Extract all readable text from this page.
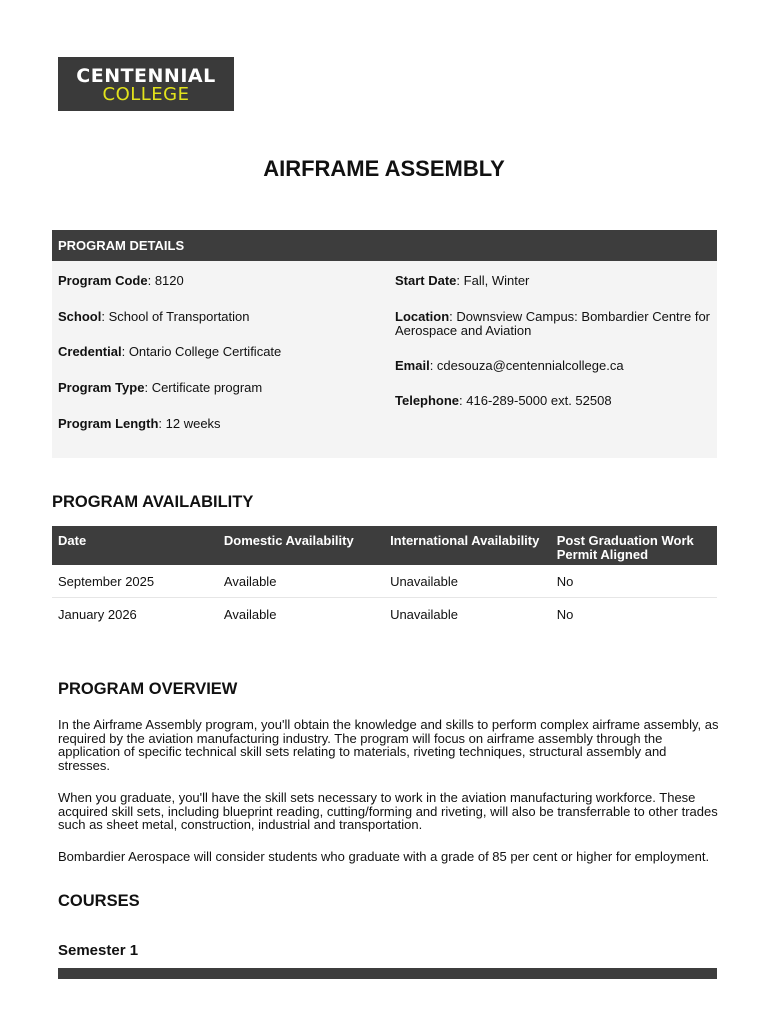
CENTENNIAL
COLLEGE
AIRFRAME ASSEMBLY
PROGRAM DETAILS
Program Code: 8120
School: School of Transportation
Credential: Ontario College Certificate
Program Type: Certificate program
Program Length: 12 weeks
Start Date: Fall, Winter
Location: Downsview Campus: Bombardier Centre for Aerospace and Aviation
Email: cdesouza@centennialcollege.ca
Telephone: 416-289-5000 ext. 52508
PROGRAM AVAILABILITY
Date	Domestic Availability	International Availability	Post Graduation Work Permit Aligned
September 2025	Available	Unavailable	No
January 2026	Available	Unavailable	No
PROGRAM OVERVIEW

In the Airframe Assembly program, you'll obtain the knowledge and skills to perform complex airframe assembly, as required by the aviation manufacturing industry. The program will focus on airframe assembly through the application of specific technical skill sets relating to materials, riveting techniques, structural assembly and stresses.

When you graduate, you'll have the skill sets necessary to work in the aviation manufacturing workforce. These acquired skill sets, including blueprint reading, cutting/forming and riveting, will also be transferrable to other trades such as sheet metal, construction, industrial and transportation.

Bombardier Aerospace will consider students who graduate with a grade of 85 per cent or higher for employment.

COURSES
Semester 1
